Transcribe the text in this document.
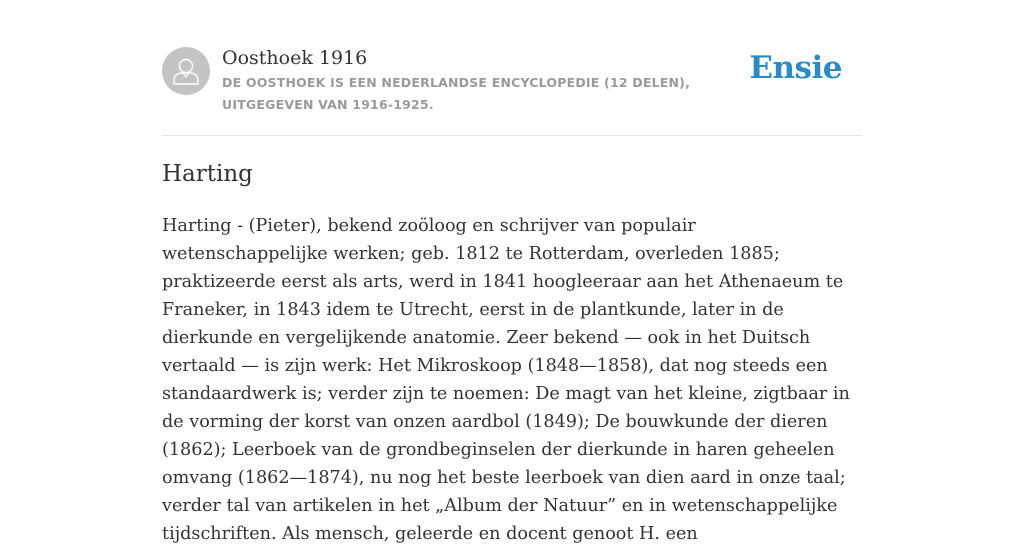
Oosthoek 1916
DE OOSTHOEK IS EEN NEDERLANDSE ENCYCLOPEDIE (12 DELEN), UITGEGEVEN VAN 1916-1925.
Ensie
Harting

Harting - (Pieter), bekend zoöloog en schrijver van populair wetenschappelijke werken; geb. 1812 te Rotterdam, overleden 1885; praktizeerde eerst als arts, werd in 1841 hoogleeraar aan het Athenaeum te Franeker, in 1843 idem te Utrecht, eerst in de plantkunde, later in de dierkunde en vergelijkende anatomie. Zeer bekend — ook in het Duitsch vertaald — is zijn werk: Het Mikroskoop (1848—1858), dat nog steeds een standaardwerk is; verder zijn te noemen: De magt van het kleine, zigtbaar in de vorming der korst van onzen aardbol (1849); De bouwkunde der dieren (1862); Leerboek van de grondbeginselen der dierkunde in haren geheelen omvang (1862—1874), nu nog het beste leerboek van dien aard in onze taal; verder tal van artikelen in het „Album der Natuur” en in wetenschappelijke tijdschriften. Als mensch, geleerde en docent genoot H. een
